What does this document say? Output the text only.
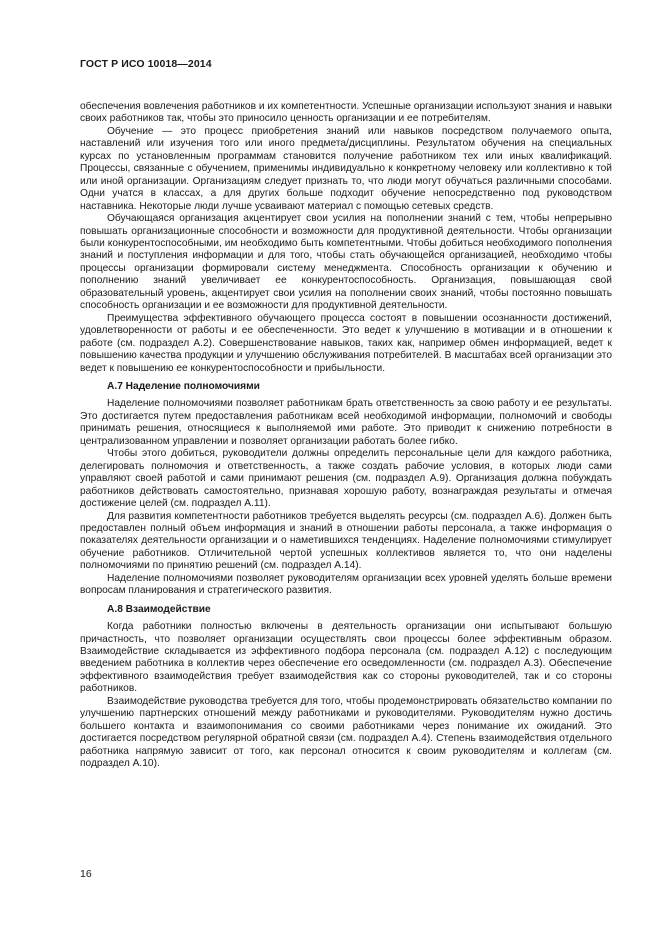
ГОСТ Р ИСО 10018—2014

обеспечения вовлечения работников и их компетентности. Успешные организации используют знания и навыки своих работников так, чтобы это приносило ценность организации и ее потребителям.

Обучение — это процесс приобретения знаний или навыков посредством получаемого опыта, наставлений или изучения того или иного предмета/дисциплины. Результатом обучения на специальных курсах по установленным программам становится получение работником тех или иных квалификаций. Процессы, связанные с обучением, применимы индивидуально к конкретному человеку или коллективно к той или иной организации. Организациям следует признать то, что люди могут обучаться различными способами. Одни учатся в классах, а для других больше подходит обучение непосредственно под руководством наставника. Некоторые люди лучше усваивают материал с помощью сетевых средств.

Обучающаяся организация акцентирует свои усилия на пополнении знаний с тем, чтобы непрерывно повышать организационные способности и возможности для продуктивной деятельности. Чтобы организации были конкурентоспособными, им необходимо быть компетентными. Чтобы добиться необходимого пополнения знаний и поступления информации и для того, чтобы стать обучающейся организацией, необходимо чтобы процессы организации формировали систему менеджмента. Способность организации к обучению и пополнению знаний увеличивает ее конкурентоспособность. Организация, повышающая свой образовательный уровень, акцентирует свои усилия на пополнении своих знаний, чтобы постоянно повышать способность организации и ее возможности для продуктивной деятельности.

Преимущества эффективного обучающего процесса состоят в повышении осознанности достижений, удовлетворенности от работы и ее обеспеченности. Это ведет к улучшению в мотивации и в отношении к работе (см. подраздел А.2). Совершенствование навыков, таких как, например обмен информацией, ведет к повышению качества продукции и улучшению обслуживания потребителей. В масштабах всей организации это ведет к повышению ее конкурентоспособности и прибыльности.

А.7 Наделение полномочиями

Наделение полномочиями позволяет работникам брать ответственность за свою работу и ее результаты. Это достигается путем предоставления работникам всей необходимой информации, полномочий и свободы принимать решения, относящиеся к выполняемой ими работе. Это приводит к снижению потребности в централизованном управлении и позволяет организации работать более гибко.

Чтобы этого добиться, руководители должны определить персональные цели для каждого работника, делегировать полномочия и ответственность, а также создать рабочие условия, в которых люди сами управляют своей работой и сами принимают решения (см. подраздел А.9). Организация должна побуждать работников действовать самостоятельно, признавая хорошую работу, вознаграждая результаты и отмечая достижение целей (см. подраздел А.11).

Для развития компетентности работников требуется выделять ресурсы (см. подраздел А.6). Должен быть предоставлен полный объем информация и знаний в отношении работы персонала, а также информация о показателях деятельности организации и о наметившихся тенденциях. Наделение полномочиями стимулирует обучение работников. Отличительной чертой успешных коллективов является то, что они наделены полномочиями по принятию решений (см. подраздел А.14).

Наделение полномочиями позволяет руководителям организации всех уровней уделять больше времени вопросам планирования и стратегического развития.

А.8 Взаимодействие

Когда работники полностью включены в деятельность организации они испытывают большую причастность, что позволяет организации осуществлять свои процессы более эффективным образом. Взаимодействие складывается из эффективного подбора персонала (см. подраздел А.12) с последующим введением работника в коллектив через обеспечение его осведомленности (см. подраздел А.3). Обеспечение эффективного взаимодействия требует взаимодействия как со стороны руководителей, так и со стороны работников.

Взаимодействие руководства требуется для того, чтобы продемонстрировать обязательство компании по улучшению партнерских отношений между работниками и руководителями. Руководителям нужно достичь большего контакта и взаимопонимания со своими работниками через понимание их ожиданий. Это достигается посредством регулярной обратной связи (см. подраздел А.4). Степень взаимодействия отдельного работника напрямую зависит от того, как персонал относится к своим руководителям и коллегам (см. подраздел А.10).

16
